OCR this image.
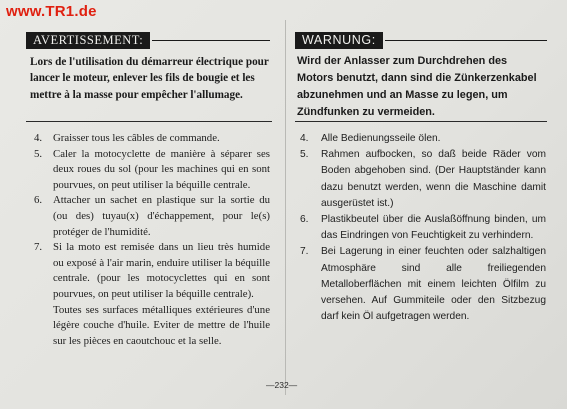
www.TR1.de
AVERTISSEMENT:

Lors de l'utilisation du démarreur électrique pour lancer le moteur, enlever les fils de bougie et les mettre à la masse pour empêcher l'allumage.

4.	Graisser tous les câbles de commande.
5.	Caler la motocyclette de manière à séparer ses deux roues du sol (pour les machines qui en sont pourvues, on peut utiliser la béquille centrale.
6.	Attacher un sachet en plastique sur la sortie du (ou des) tuyau(x) d'échappement, pour le(s) protéger de l'humidité.
7.	Si la moto est remisée dans un lieu très humide ou exposé à l'air marin, enduire utiliser la béquille centrale. (pour les motocyclettes qui en sont pourvues, on peut utiliser la béquille centrale).
Toutes ses surfaces métalliques extérieures d'une légère couche d'huile. Eviter de mettre de l'huile sur les pièces en caoutchouc et la selle.
WARNUNG:

Wird der Anlasser zum Durchdrehen des Motors benutzt, dann sind die Zünkerzenkabel abzunehmen und an Masse zu legen, um Zündfunken zu vermeiden.

4.	Alle Bedienungsseile ölen.
5.	Rahmen aufbocken, so daß beide Räder vom Boden abgehoben sind. (Der Hauptständer kann dazu benutzt werden, wenn die Maschine damit ausgerüstet ist.)
6.	Plastikbeutel über die Auslaßöffnung binden, um das Eindringen von Feuchtigkeit zu verhindern.
7.	Bei Lagerung in einer feuchten oder salzhaltigen Atmosphäre sind alle freiliegenden Metalloberflächen mit einem leichten Ölfilm zu versehen. Auf Gummiteile oder den Sitzbezug darf kein Öl aufgetragen werden.
—232—
